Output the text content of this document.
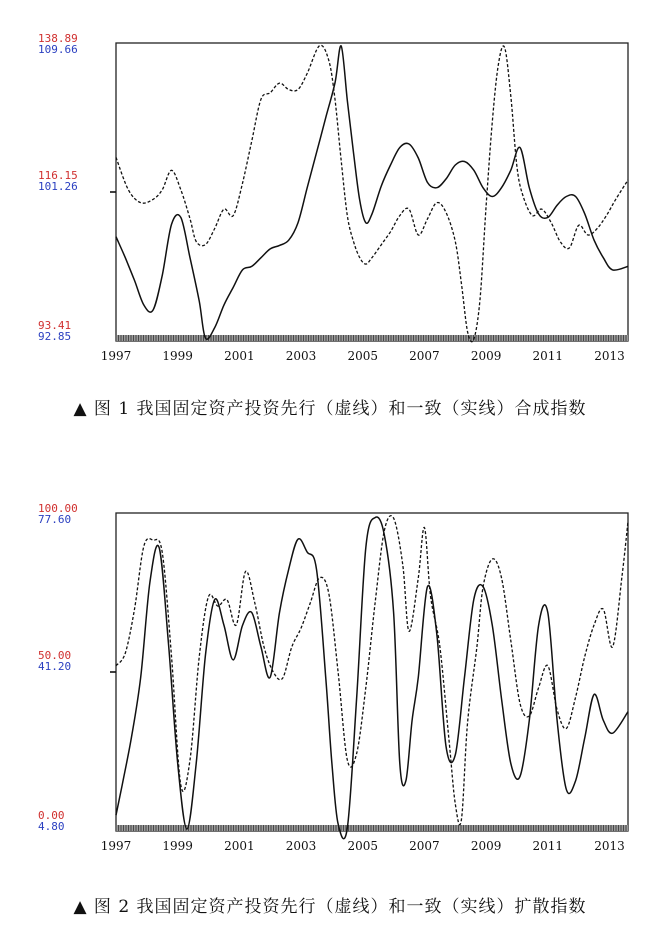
138.89
109.66
116.15
101.26
93.41
92.85
1997	1999	2001	2003	2005	2007	2009	2011	2013
▲ 图 1 我国固定资产投资先行（虚线）和一致（实线）合成指数
100.00
77.60
50.00
41.20
0.00
4.80
1997	1999	2001	2003	2005	2007	2009	2011	2013
▲ 图 2 我国固定资产投资先行（虚线）和一致（实线）扩散指数
